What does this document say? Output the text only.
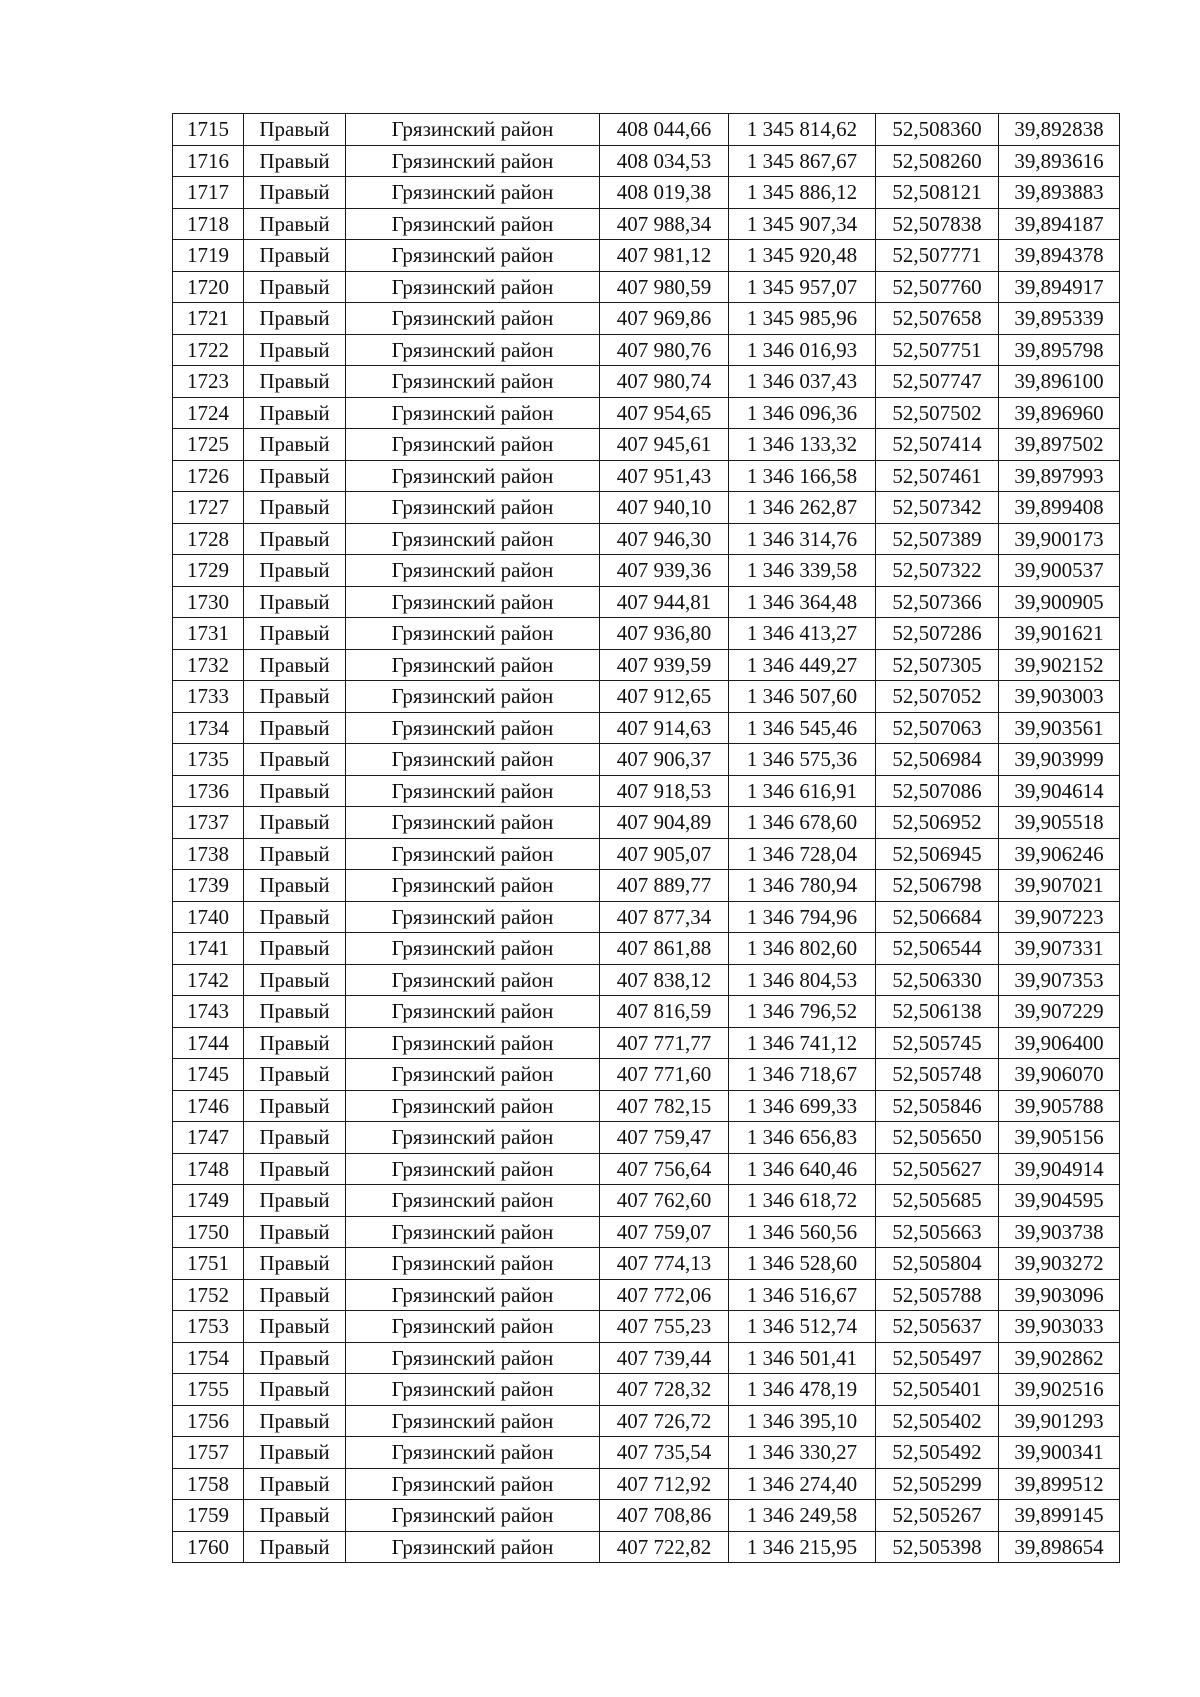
1715	Правый	Грязинский район	408 044,66	1 345 814,62	52,508360	39,892838
1716	Правый	Грязинский район	408 034,53	1 345 867,67	52,508260	39,893616
1717	Правый	Грязинский район	408 019,38	1 345 886,12	52,508121	39,893883
1718	Правый	Грязинский район	407 988,34	1 345 907,34	52,507838	39,894187
1719	Правый	Грязинский район	407 981,12	1 345 920,48	52,507771	39,894378
1720	Правый	Грязинский район	407 980,59	1 345 957,07	52,507760	39,894917
1721	Правый	Грязинский район	407 969,86	1 345 985,96	52,507658	39,895339
1722	Правый	Грязинский район	407 980,76	1 346 016,93	52,507751	39,895798
1723	Правый	Грязинский район	407 980,74	1 346 037,43	52,507747	39,896100
1724	Правый	Грязинский район	407 954,65	1 346 096,36	52,507502	39,896960
1725	Правый	Грязинский район	407 945,61	1 346 133,32	52,507414	39,897502
1726	Правый	Грязинский район	407 951,43	1 346 166,58	52,507461	39,897993
1727	Правый	Грязинский район	407 940,10	1 346 262,87	52,507342	39,899408
1728	Правый	Грязинский район	407 946,30	1 346 314,76	52,507389	39,900173
1729	Правый	Грязинский район	407 939,36	1 346 339,58	52,507322	39,900537
1730	Правый	Грязинский район	407 944,81	1 346 364,48	52,507366	39,900905
1731	Правый	Грязинский район	407 936,80	1 346 413,27	52,507286	39,901621
1732	Правый	Грязинский район	407 939,59	1 346 449,27	52,507305	39,902152
1733	Правый	Грязинский район	407 912,65	1 346 507,60	52,507052	39,903003
1734	Правый	Грязинский район	407 914,63	1 346 545,46	52,507063	39,903561
1735	Правый	Грязинский район	407 906,37	1 346 575,36	52,506984	39,903999
1736	Правый	Грязинский район	407 918,53	1 346 616,91	52,507086	39,904614
1737	Правый	Грязинский район	407 904,89	1 346 678,60	52,506952	39,905518
1738	Правый	Грязинский район	407 905,07	1 346 728,04	52,506945	39,906246
1739	Правый	Грязинский район	407 889,77	1 346 780,94	52,506798	39,907021
1740	Правый	Грязинский район	407 877,34	1 346 794,96	52,506684	39,907223
1741	Правый	Грязинский район	407 861,88	1 346 802,60	52,506544	39,907331
1742	Правый	Грязинский район	407 838,12	1 346 804,53	52,506330	39,907353
1743	Правый	Грязинский район	407 816,59	1 346 796,52	52,506138	39,907229
1744	Правый	Грязинский район	407 771,77	1 346 741,12	52,505745	39,906400
1745	Правый	Грязинский район	407 771,60	1 346 718,67	52,505748	39,906070
1746	Правый	Грязинский район	407 782,15	1 346 699,33	52,505846	39,905788
1747	Правый	Грязинский район	407 759,47	1 346 656,83	52,505650	39,905156
1748	Правый	Грязинский район	407 756,64	1 346 640,46	52,505627	39,904914
1749	Правый	Грязинский район	407 762,60	1 346 618,72	52,505685	39,904595
1750	Правый	Грязинский район	407 759,07	1 346 560,56	52,505663	39,903738
1751	Правый	Грязинский район	407 774,13	1 346 528,60	52,505804	39,903272
1752	Правый	Грязинский район	407 772,06	1 346 516,67	52,505788	39,903096
1753	Правый	Грязинский район	407 755,23	1 346 512,74	52,505637	39,903033
1754	Правый	Грязинский район	407 739,44	1 346 501,41	52,505497	39,902862
1755	Правый	Грязинский район	407 728,32	1 346 478,19	52,505401	39,902516
1756	Правый	Грязинский район	407 726,72	1 346 395,10	52,505402	39,901293
1757	Правый	Грязинский район	407 735,54	1 346 330,27	52,505492	39,900341
1758	Правый	Грязинский район	407 712,92	1 346 274,40	52,505299	39,899512
1759	Правый	Грязинский район	407 708,86	1 346 249,58	52,505267	39,899145
1760	Правый	Грязинский район	407 722,82	1 346 215,95	52,505398	39,898654
